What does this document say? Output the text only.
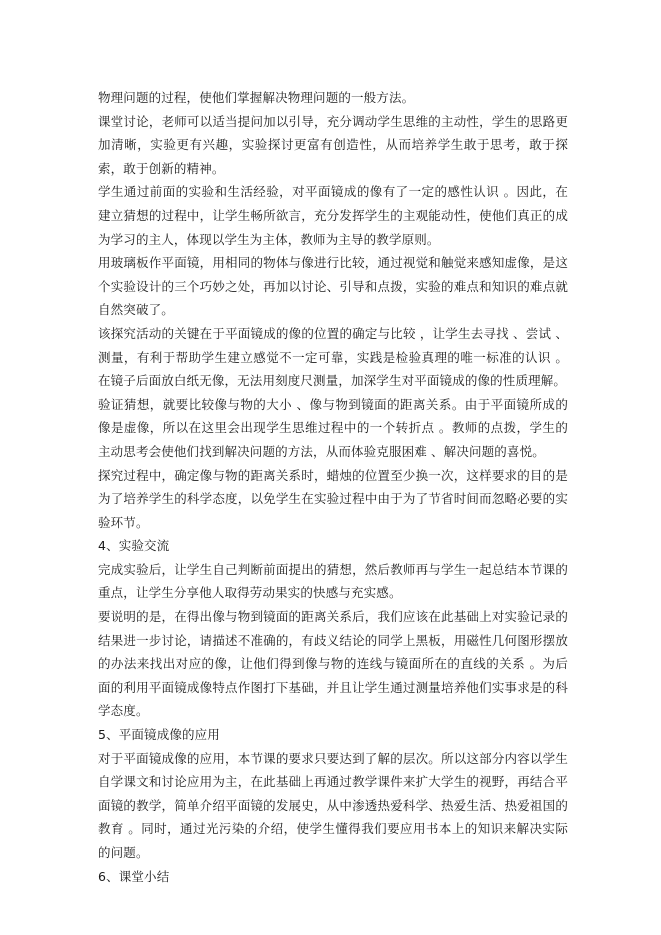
物理问题的过程，使他们掌握解决物理问题的一般方法。

课堂讨论，老师可以适当提问加以引导，充分调动学生思维的主动性，学生的思路更加清晰，实验更有兴趣，实验探讨更富有创造性，从而培养学生敢于思考，敢于探索，敢于创新的精神。

学生通过前面的实验和生活经验，对平面镜成的像有了一定的感性认识 。因此，在建立猜想的过程中，让学生畅所欲言，充分发挥学生的主观能动性，使他们真正的成为学习的主人，体现以学生为主体，教师为主导的教学原则。

用玻璃板作平面镜，用相同的物体与像进行比较，通过视觉和触觉来感知虚像，是这个实验设计的三个巧妙之处，再加以讨论、引导和点拨，实验的难点和知识的难点就自然突破了。

该探究活动的关键在于平面镜成的像的位置的确定与比较 ，让学生去寻找 、尝试 、测量，有利于帮助学生建立感觉不一定可靠，实践是检验真理的唯一标准的认识 。在镜子后面放白纸无像，无法用刻度尺测量，加深学生对平面镜成的像的性质理解。

验证猜想，就要比较像与物的大小 、像与物到镜面的距离关系。由于平面镜所成的像是虚像，所以在这里会出现学生思维过程中的一个转折点 。教师的点拨，学生的主动思考会使他们找到解决问题的方法，从而体验克服困难 、解决问题的喜悦。

探究过程中，确定像与物的距离关系时，蜡烛的位置至少换一次，这样要求的目的是为了培养学生的科学态度，以免学生在实验过程中由于为了节省时间而忽略必要的实验环节。

4、实验交流

完成实验后，让学生自己判断前面提出的猜想，然后教师再与学生一起总结本节课的重点，让学生分享他人取得劳动果实的快感与充实感。

要说明的是，在得出像与物到镜面的距离关系后，我们应该在此基础上对实验记录的结果进一步讨论，请描述不准确的，有歧义结论的同学上黑板，用磁性几何图形摆放的办法来找出对应的像，让他们得到像与物的连线与镜面所在的直线的关系 。为后面的利用平面镜成像特点作图打下基础，并且让学生通过测量培养他们实事求是的科学态度。

5、平面镜成像的应用

对于平面镜成像的应用，本节课的要求只要达到了解的层次。所以这部分内容以学生自学课文和讨论应用为主，在此基础上再通过教学课件来扩大学生的视野，再结合平面镜的教学，简单介绍平面镜的发展史，从中渗透热爱科学、热爱生活、热爱祖国的教育 。同时，通过光污染的介绍，使学生懂得我们要应用书本上的知识来解决实际的问题。

6、课堂小结
